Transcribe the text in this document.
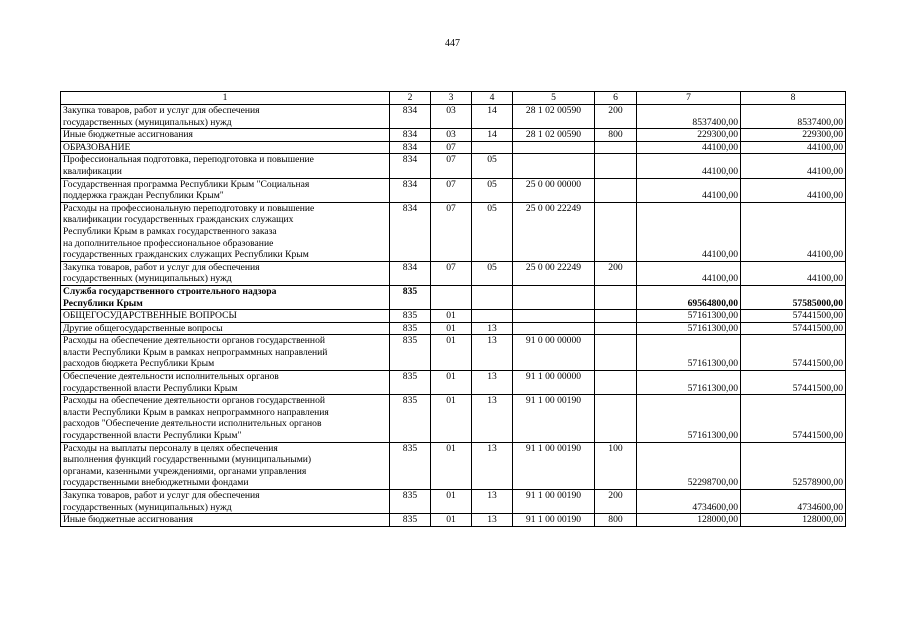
447
1	2	3	4	5	6	7	8

Закупка товаров, работ и услуг для обеспечения
государственных (муниципальных) нужд	834	03	14	28 1 02 00590	200	8537400,00	8537400,00

Иные бюджетные ассигнования	834	03	14	28 1 02 00590	800	229300,00	229300,00

ОБРАЗОВАНИЕ	834	07				44100,00	44100,00

Профессиональная подготовка, переподготовка и повышение
квалификации	834	07	05			44100,00	44100,00

Государственная программа Республики Крым "Социальная
поддержка граждан Республики Крым"	834	07	05	25 0 00 00000		44100,00	44100,00

Расходы на профессиональную переподготовку и повышение
квалификации государственных гражданских служащих
Республики Крым в рамках государственного заказа
на дополнительное профессиональное образование
государственных гражданских служащих Республики Крым	834	07	05	25 0 00 22249		44100,00	44100,00

Закупка товаров, работ и услуг для обеспечения
государственных (муниципальных) нужд	834	07	05	25 0 00 22249	200	44100,00	44100,00

Служба государственного строительного надзора
Республики Крым	835					69564800,00	57585000,00

ОБЩЕГОСУДАРСТВЕННЫЕ ВОПРОСЫ	835	01				57161300,00	57441500,00

Другие общегосударственные вопросы	835	01	13			57161300,00	57441500,00

Расходы на обеспечение деятельности органов государственной
власти Республики Крым в рамках непрограммных направлений
расходов бюджета Республики Крым	835	01	13	91 0 00 00000		57161300,00	57441500,00

Обеспечение деятельности исполнительных органов
государственной власти Республики Крым	835	01	13	91 1 00 00000		57161300,00	57441500,00

Расходы на обеспечение деятельности органов государственной
власти Республики Крым в рамках непрограммного направления
расходов "Обеспечение деятельности исполнительных органов
государственной власти Республики Крым"	835	01	13	91 1 00 00190		57161300,00	57441500,00

Расходы на выплаты персоналу в целях обеспечения
выполнения функций государственными (муниципальными)
органами, казенными учреждениями, органами управления
государственными внебюджетными фондами	835	01	13	91 1 00 00190	100	52298700,00	52578900,00

Закупка товаров, работ и услуг для обеспечения
государственных (муниципальных) нужд	835	01	13	91 1 00 00190	200	4734600,00	4734600,00

Иные бюджетные ассигнования	835	01	13	91 1 00 00190	800	128000,00	128000,00
